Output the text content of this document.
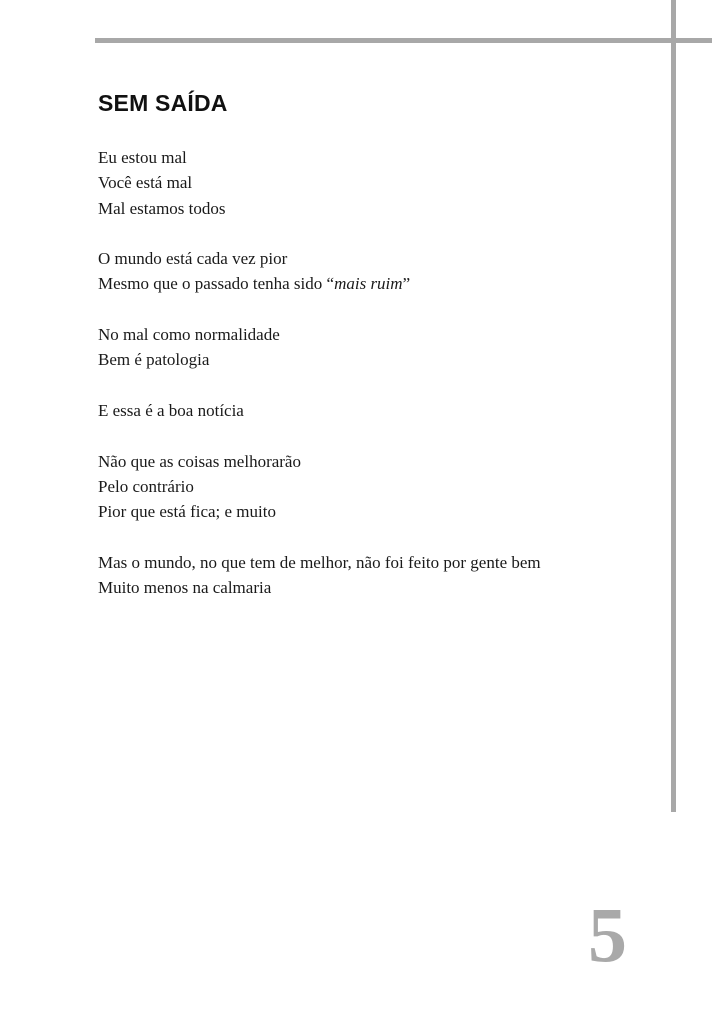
SEM SAÍDA

Eu estou mal
Você está mal
Mal estamos todos

O mundo está cada vez pior
Mesmo que o passado tenha sido “mais ruim”

No mal como normalidade
Bem é patologia

E essa é a boa notícia

Não que as coisas melhorarão
Pelo contrário
Pior que está fica; e muito

Mas o mundo, no que tem de melhor, não foi feito por gente bem
Muito menos na calmaria

5
